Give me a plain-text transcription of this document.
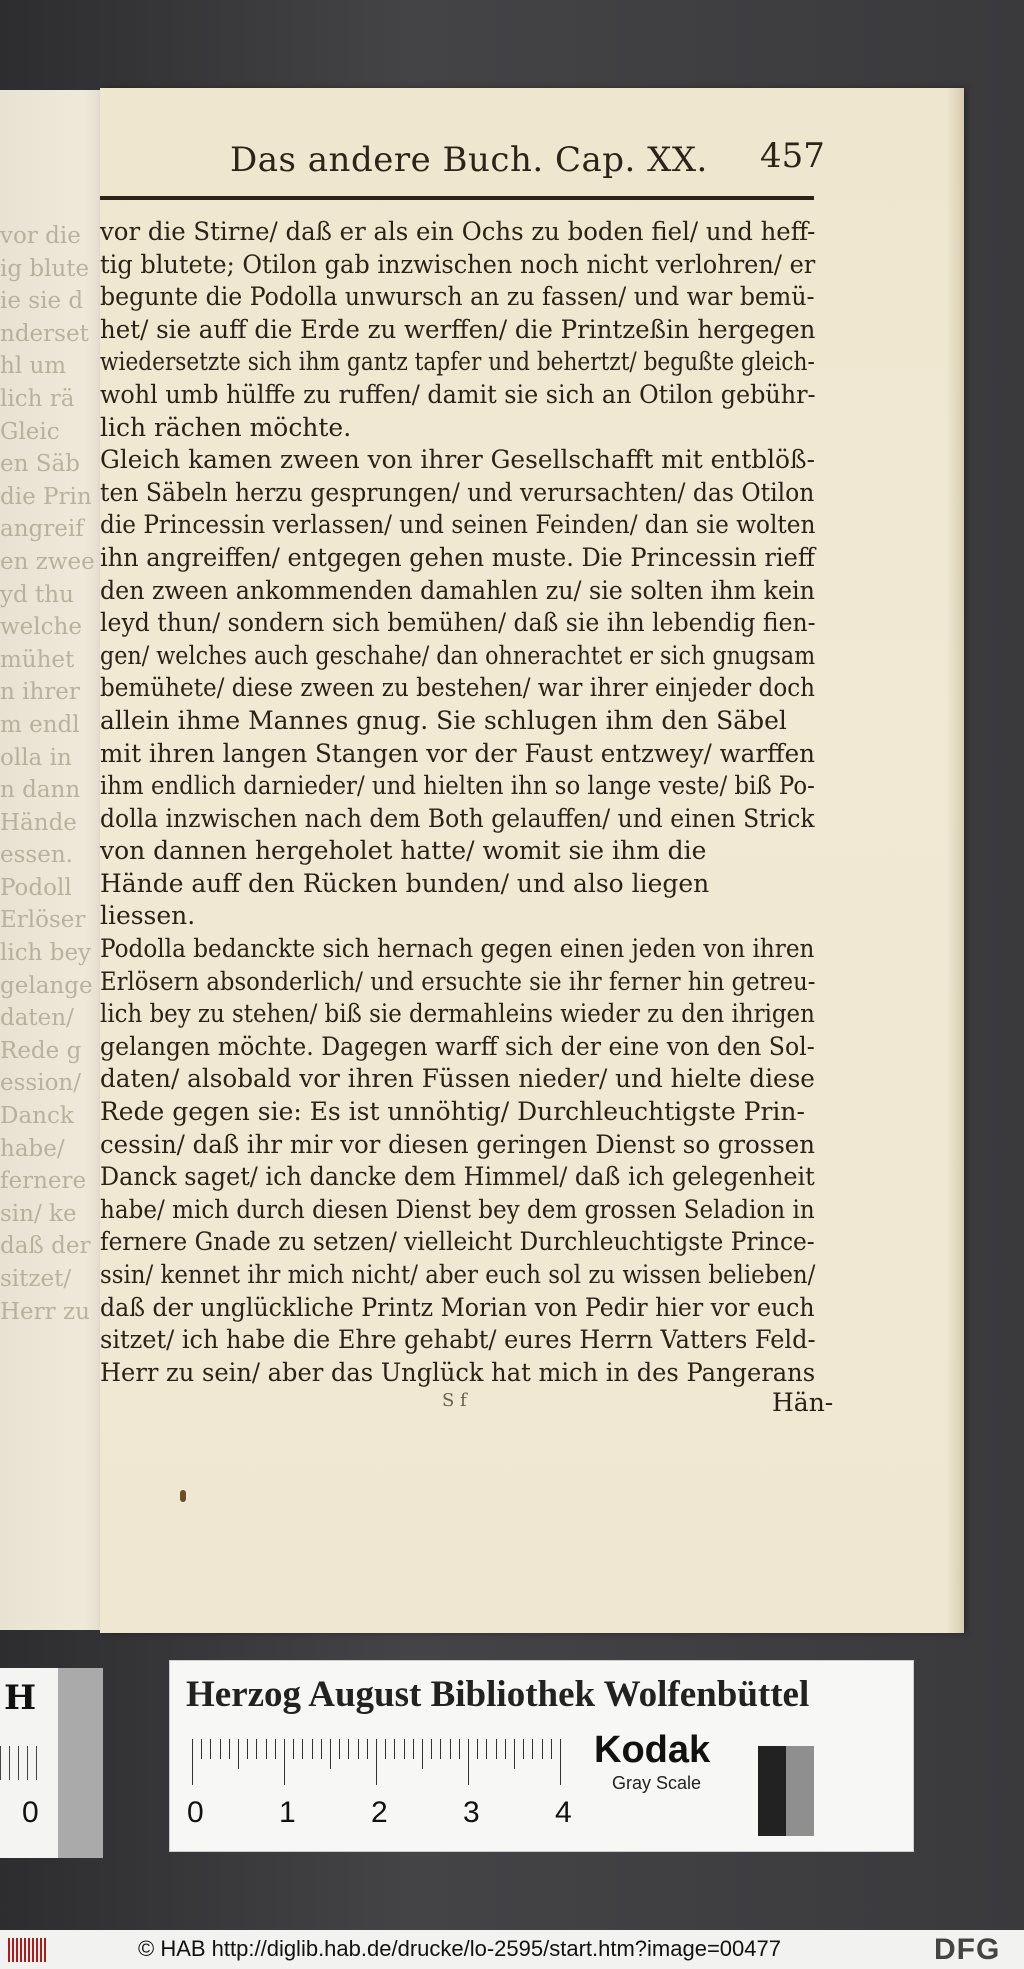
vor die
ig blute
ie sie d
nderset
hl um
lich rä
Gleic
en Säb
die Prin
angreif
en zwee
yd thu
welche
mühet
n ihrer
m endl
olla in
n dann
Hände
essen.
Podoll
Erlöser
lich bey
gelange
daten/
Rede g
ession/
Danck
habe/
fernere
sin/ ke
daß der
sitzet/
Herr zu
Das andere Buch. Cap. XX. 457

vor die Stirne/ daß er als ein Ochs zu boden fiel/ und heff-

tig blutete; Otilon gab inzwischen noch nicht verlohren/ er

begunte die Podolla unwursch an zu fassen/ und war bemü-

het/ sie auff die Erde zu werffen/ die Printzeßin hergegen

wiedersetzte sich ihm gantz tapfer und behertzt/ begußte gleich-

wohl umb hülffe zu ruffen/ damit sie sich an Otilon gebühr-

lich rächen möchte.

Gleich kamen zween von ihrer Gesellschafft mit entblöß-

ten Säbeln herzu gesprungen/ und verursachten/ das Otilon

die Princessin verlassen/ und seinen Feinden/ dan sie wolten

ihn angreiffen/ entgegen gehen muste. Die Princessin rieff

den zween ankommenden damahlen zu/ sie solten ihm kein

leyd thun/ sondern sich bemühen/ daß sie ihn lebendig fien-

gen/ welches auch geschahe/ dan ohnerachtet er sich gnugsam

bemühete/ diese zween zu bestehen/ war ihrer einjeder doch

allein ihme Mannes gnug. Sie schlugen ihm den Säbel

mit ihren langen Stangen vor der Faust entzwey/ warffen

ihm endlich darnieder/ und hielten ihn so lange veste/ biß Po-

dolla inzwischen nach dem Both gelauffen/ und einen Strick

von dannen hergeholet hatte/ womit sie ihm die

Hände auff den Rücken bunden/ und also liegen

liessen.

Podolla bedanckte sich hernach gegen einen jeden von ihren

Erlösern absonderlich/ und ersuchte sie ihr ferner hin getreu-

lich bey zu stehen/ biß sie dermahleins wieder zu den ihrigen

gelangen möchte. Dagegen warff sich der eine von den Sol-

daten/ alsobald vor ihren Füssen nieder/ und hielte diese

Rede gegen sie: Es ist unnöhtig/ Durchleuchtigste Prin-

cessin/ daß ihr mir vor diesen geringen Dienst so grossen

Danck saget/ ich dancke dem Himmel/ daß ich gelegenheit

habe/ mich durch diesen Dienst bey dem grossen Seladion in

fernere Gnade zu setzen/ vielleicht Durchleuchtigste Prince-

ssin/ kennet ihr mich nicht/ aber euch sol zu wissen belieben/

daß der unglückliche Printz Morian von Pedir hier vor euch

sitzet/ ich habe die Ehre gehabt/ eures Herrn Vatters Feld-

Herr zu sein/ aber das Unglück hat mich in des Pangerans

S f	Hän-
H
0
Herzog August Bibliothek Wolfenbüttel
0	1	2	3	4
Kodak
Gray Scale
© HAB http://diglib.hab.de/drucke/lo-2595/start.htm?image=00477	DFG
